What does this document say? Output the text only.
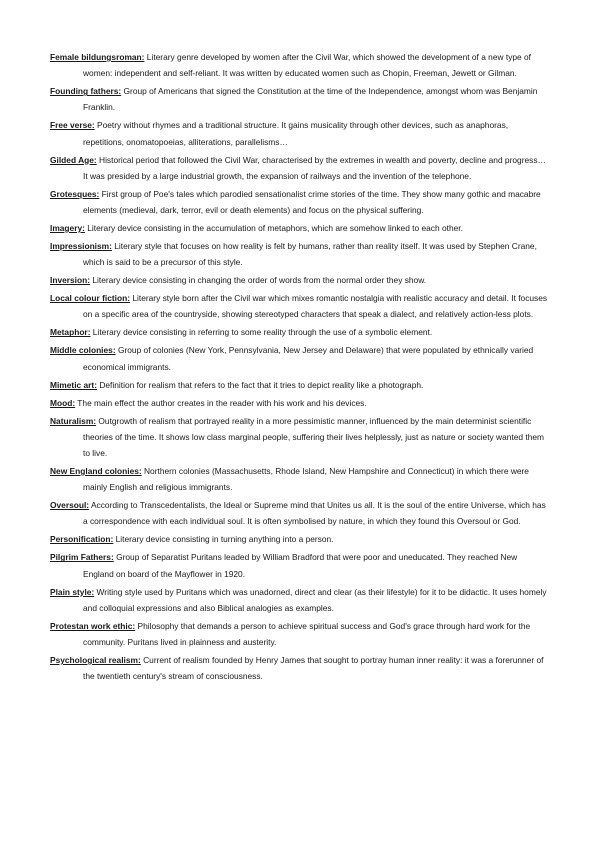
Female bildungsroman: Literary genre developed by women after the Civil War, which showed the development of a new type of women: independent and self-reliant. It was written by educated women such as Chopin, Freeman, Jewett or Gilman.

Founding fathers: Group of Americans that signed the Constitution at the time of the Independence, amongst whom was Benjamin Franklin.

Free verse: Poetry without rhymes and a traditional structure. It gains musicality through other devices, such as anaphoras, repetitions, onomatopoeias, alliterations, parallelisms…

Gilded Age: Historical period that followed the Civil War, characterised by the extremes in wealth and poverty, decline and progress… It was presided by a large industrial growth, the expansion of railways and the invention of the telephone.

Grotesques: First group of Poe's tales which parodied sensationalist crime stories of the time. They show many gothic and macabre elements (medieval, dark, terror, evil or death elements) and focus on the physical suffering.

Imagery: Literary device consisting in the accumulation of metaphors, which are somehow linked to each other.

Impressionism: Literary style that focuses on how reality is felt by humans, rather than reality itself. It was used by Stephen Crane, which is said to be a precursor of this style.

Inversion: Literary device consisting in changing the order of words from the normal order they show.

Local colour fiction: Literary style born after the Civil war which mixes romantic nostalgia with realistic accuracy and detail. It focuses on a specific area of the countryside, showing stereotyped characters that speak a dialect, and relatively action-less plots.

Metaphor: Literary device consisting in referring to some reality through the use of a symbolic element.

Middle colonies: Group of colonies (New York, Pennsylvania, New Jersey and Delaware) that were populated by ethnically varied economical immigrants.

Mimetic art: Definition for realism that refers to the fact that it tries to depict reality like a photograph.

Mood: The main effect the author creates in the reader with his work and his devices.

Naturalism: Outgrowth of realism that portrayed reality in a more pessimistic manner, influenced by the main determinist scientific theories of the time. It shows low class marginal people, suffering their lives helplessly, just as nature or society wanted them to live.

New England colonies: Northern colonies (Massachusetts, Rhode Island, New Hampshire and Connecticut) in which there were mainly English and religious immigrants.

Oversoul: According to Transcedentalists, the Ideal or Supreme mind that Unites us all. It is the soul of the entire Universe, which has a correspondence with each individual soul. It is often symbolised by nature, in which they found this Oversoul or God.

Personification: Literary device consisting in turning anything into a person.

Pilgrim Fathers: Group of Separatist Puritans leaded by William Bradford that were poor and uneducated. They reached New England on board of the Mayflower in 1920.

Plain style: Writing style used by Puritans which was unadorned, direct and clear (as their lifestyle) for it to be didactic. It uses homely and colloquial expressions and also Biblical analogies as examples.

Protestan work ethic: Philosophy that demands a person to achieve spiritual success and God's grace through hard work for the community. Puritans lived in plainness and austerity.

Psychological realism: Current of realism founded by Henry James that sought to portray human inner reality: it was a forerunner of the twentieth century's stream of consciousness.
